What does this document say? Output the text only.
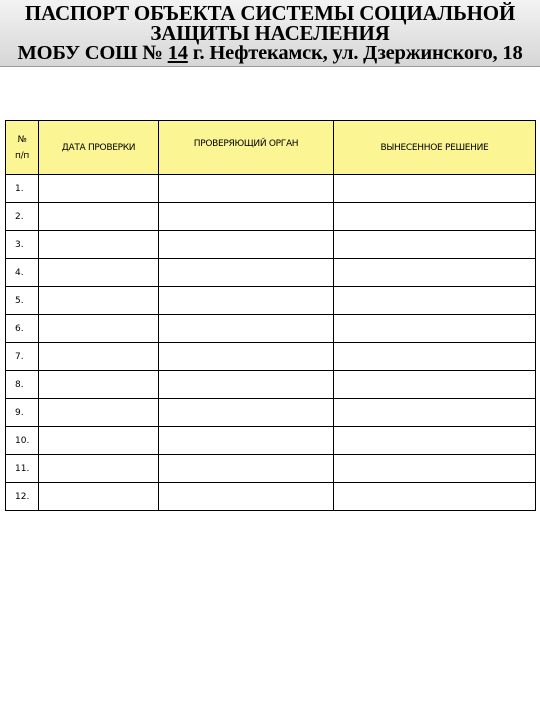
ПАСПОРТ ОБЪЕКТА СИСТЕМЫ СОЦИАЛЬНОЙ
ЗАЩИТЫ НАСЕЛЕНИЯ
МОБУ СОШ № 14 г. Нефтекамск, ул. Дзержинского, 18
№
п/п	ДАТА ПРОВЕРКИ	ПРОВЕРЯЮЩИЙ ОРГАН	ВЫНЕСЕННОЕ РЕШЕНИЕ
1.			
2.			
3.			
4.			
5.			
6.			
7.			
8.			
9.			
10.			
11.			
12.			
